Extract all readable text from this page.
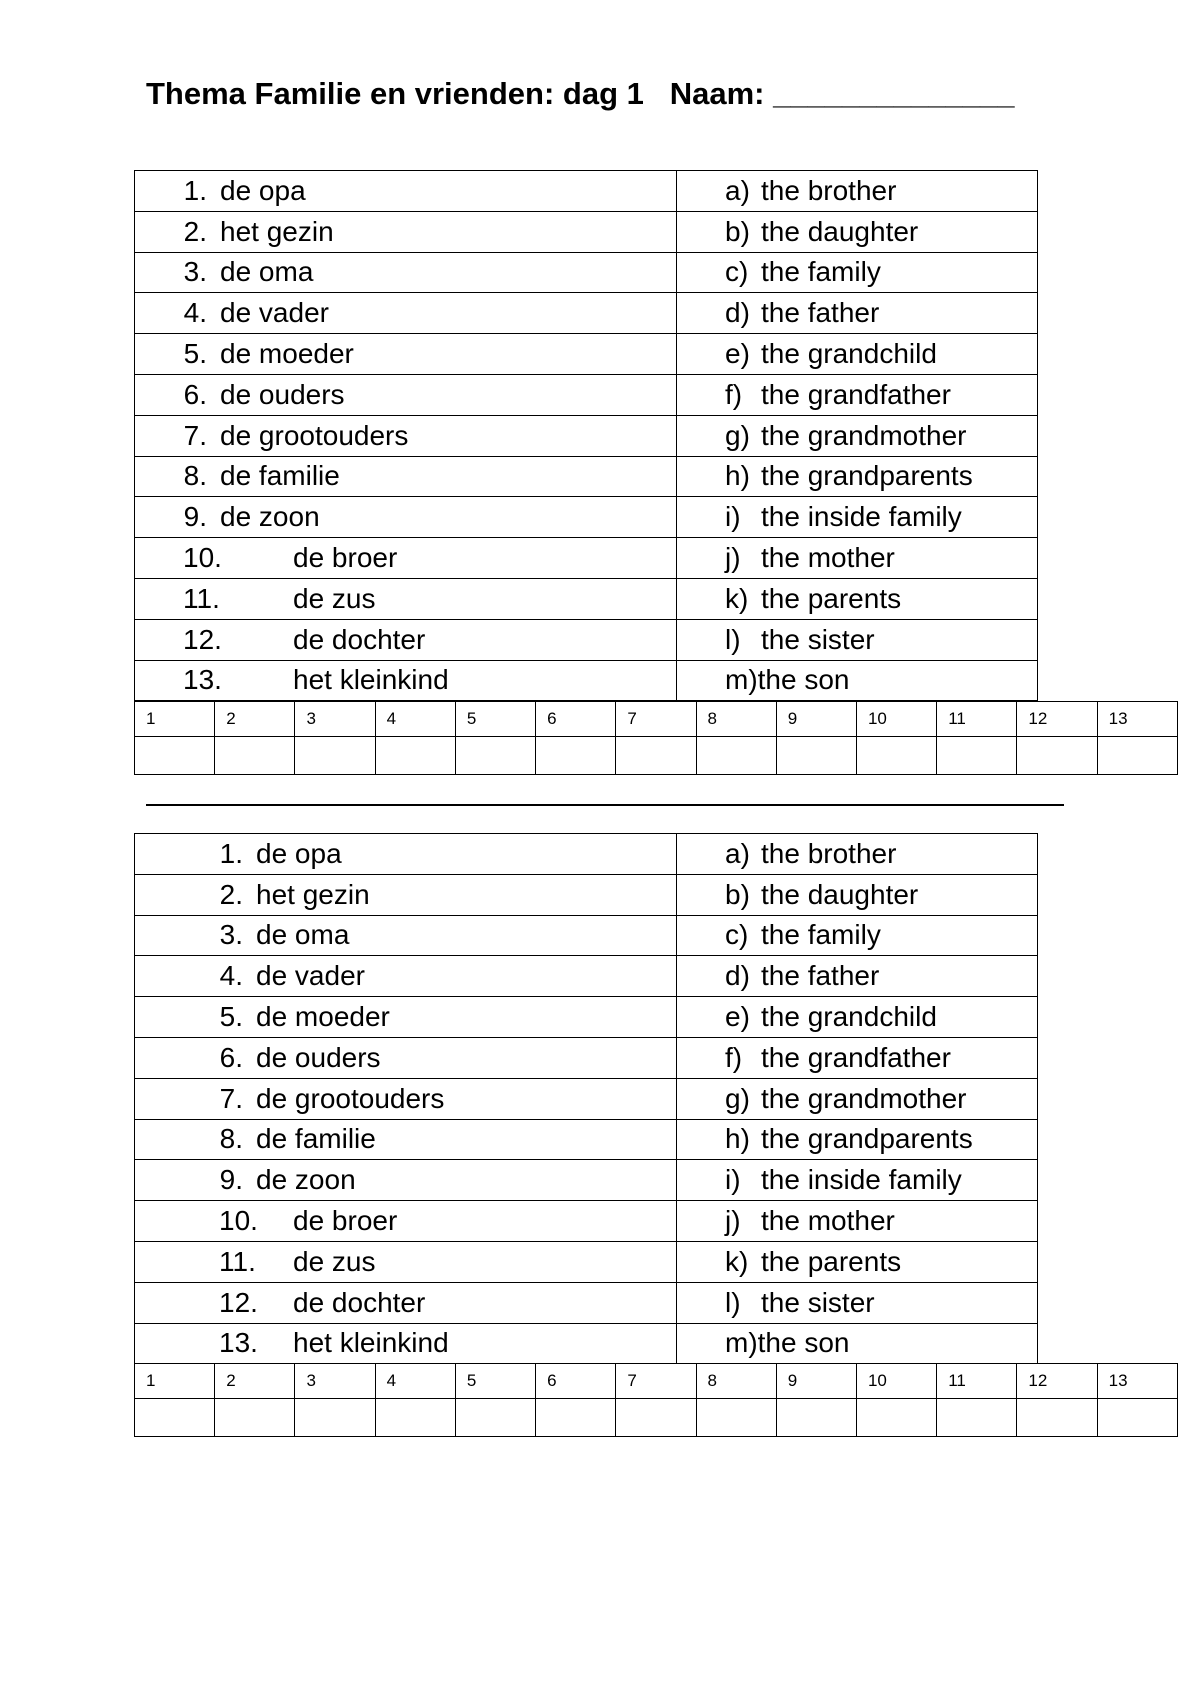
Thema Familie en vrienden: dag 1   Naam: ______________
1. de opa	a) the brother

2. het gezin	b) the daughter

3. de oma	c) the family

4. de vader	d) the father

5. de moeder	e) the grandchild

6. de ouders	f) the grandfather

7. de grootouders	g) the grandmother

8. de familie	h) the grandparents

9. de zoon	i) the inside family

10. de broer	j) the mother

11. de zus	k) the parents

12. de dochter	l) the sister

13. het kleinkind	m) the son
1	2	3	4	5	6	7	8	9	10	11	12	13

1. de opa	a) the brother

2. het gezin	b) the daughter

3. de oma	c) the family

4. de vader	d) the father

5. de moeder	e) the grandchild

6. de ouders	f) the grandfather

7. de grootouders	g) the grandmother

8. de familie	h) the grandparents

9. de zoon	i) the inside family

10. de broer	j) the mother

11. de zus	k) the parents

12. de dochter	l) the sister

13. het kleinkind	m) the son
1	2	3	4	5	6	7	8	9	10	11	12	13
